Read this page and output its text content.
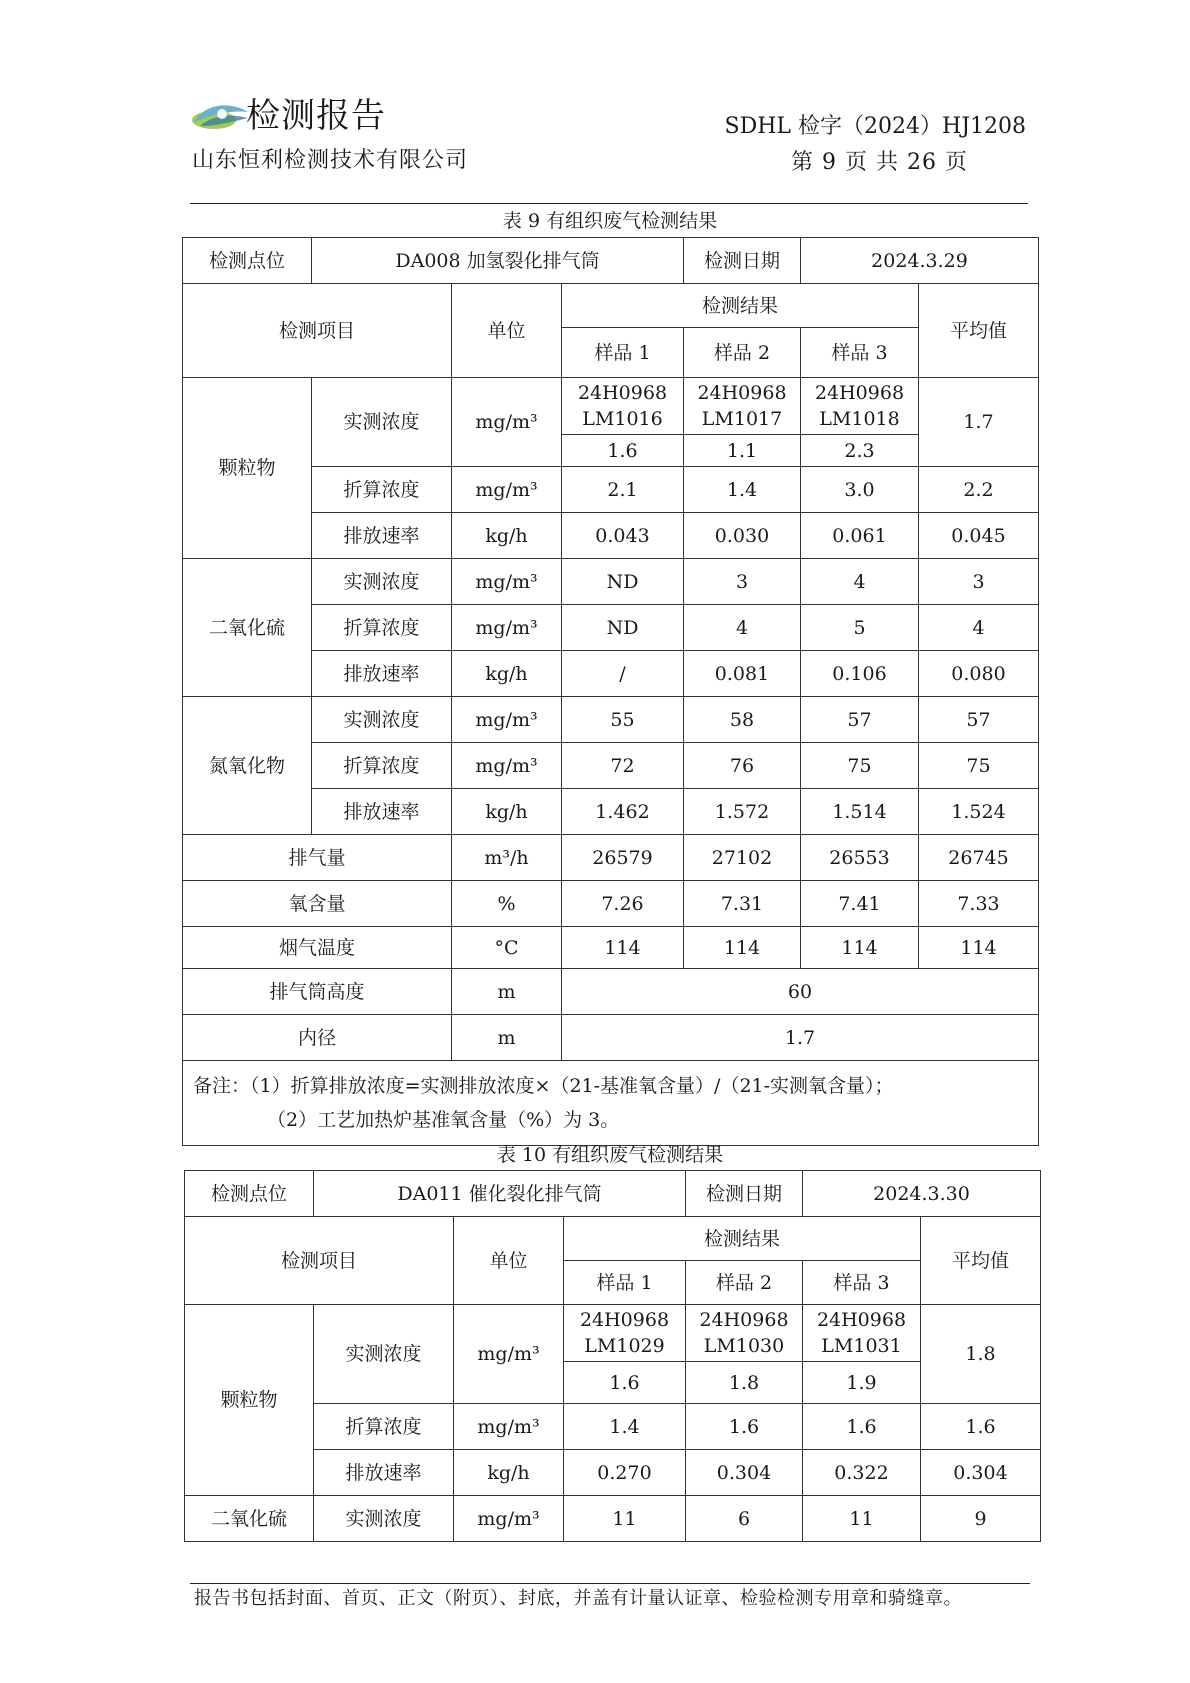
检测报告
山东恒利检测技术有限公司
SDHL 检字（2024）HJ1208
第 9 页 共 26 页
表 9 有组织废气检测结果
检测点位	DA008 加氢裂化排气筒			检测日期	2024.3.29	
检测项目		单位	检测结果			平均值
			样品 1	样品 2	样品 3	
颗粒物	实测浓度	mg/m³	24H0968 LM1016	24H0968 LM1017	24H0968 LM1018	1.7
			1.6	1.1	2.3	
	折算浓度	mg/m³	2.1	1.4	3.0	2.2
	排放速率	kg/h	0.043	0.030	0.061	0.045
二氧化硫	实测浓度	mg/m³	ND	3	4	3
	折算浓度	mg/m³	ND	4	5	4
	排放速率	kg/h	/	0.081	0.106	0.080
氮氧化物	实测浓度	mg/m³	55	58	57	57
	折算浓度	mg/m³	72	76	75	75
	排放速率	kg/h	1.462	1.572	1.514	1.524
排气量		m³/h	26579	27102	26553	26745
氧含量		%	7.26	7.31	7.41	7.33
烟气温度		°C	114	114	114	114
排气筒高度		m	60			
内径		m	1.7			
备注：（1）折算排放浓度=实测排放浓度×（21-基准氧含量）/（21-实测氧含量）；
（2）工艺加热炉基准氧含量（%）为 3。						
表 10 有组织废气检测结果
检测点位	DA011 催化裂化排气筒			检测日期	2024.3.30	
检测项目		单位	检测结果			平均值
			样品 1	样品 2	样品 3	
颗粒物	实测浓度	mg/m³	24H0968 LM1029	24H0968 LM1030	24H0968 LM1031	1.8
			1.6	1.8	1.9	
	折算浓度	mg/m³	1.4	1.6	1.6	1.6
	排放速率	kg/h	0.270	0.304	0.322	0.304
二氧化硫	实测浓度	mg/m³	11	6	11	9
报告书包括封面、首页、正文（附页）、封底，并盖有计量认证章、检验检测专用章和骑缝章。
